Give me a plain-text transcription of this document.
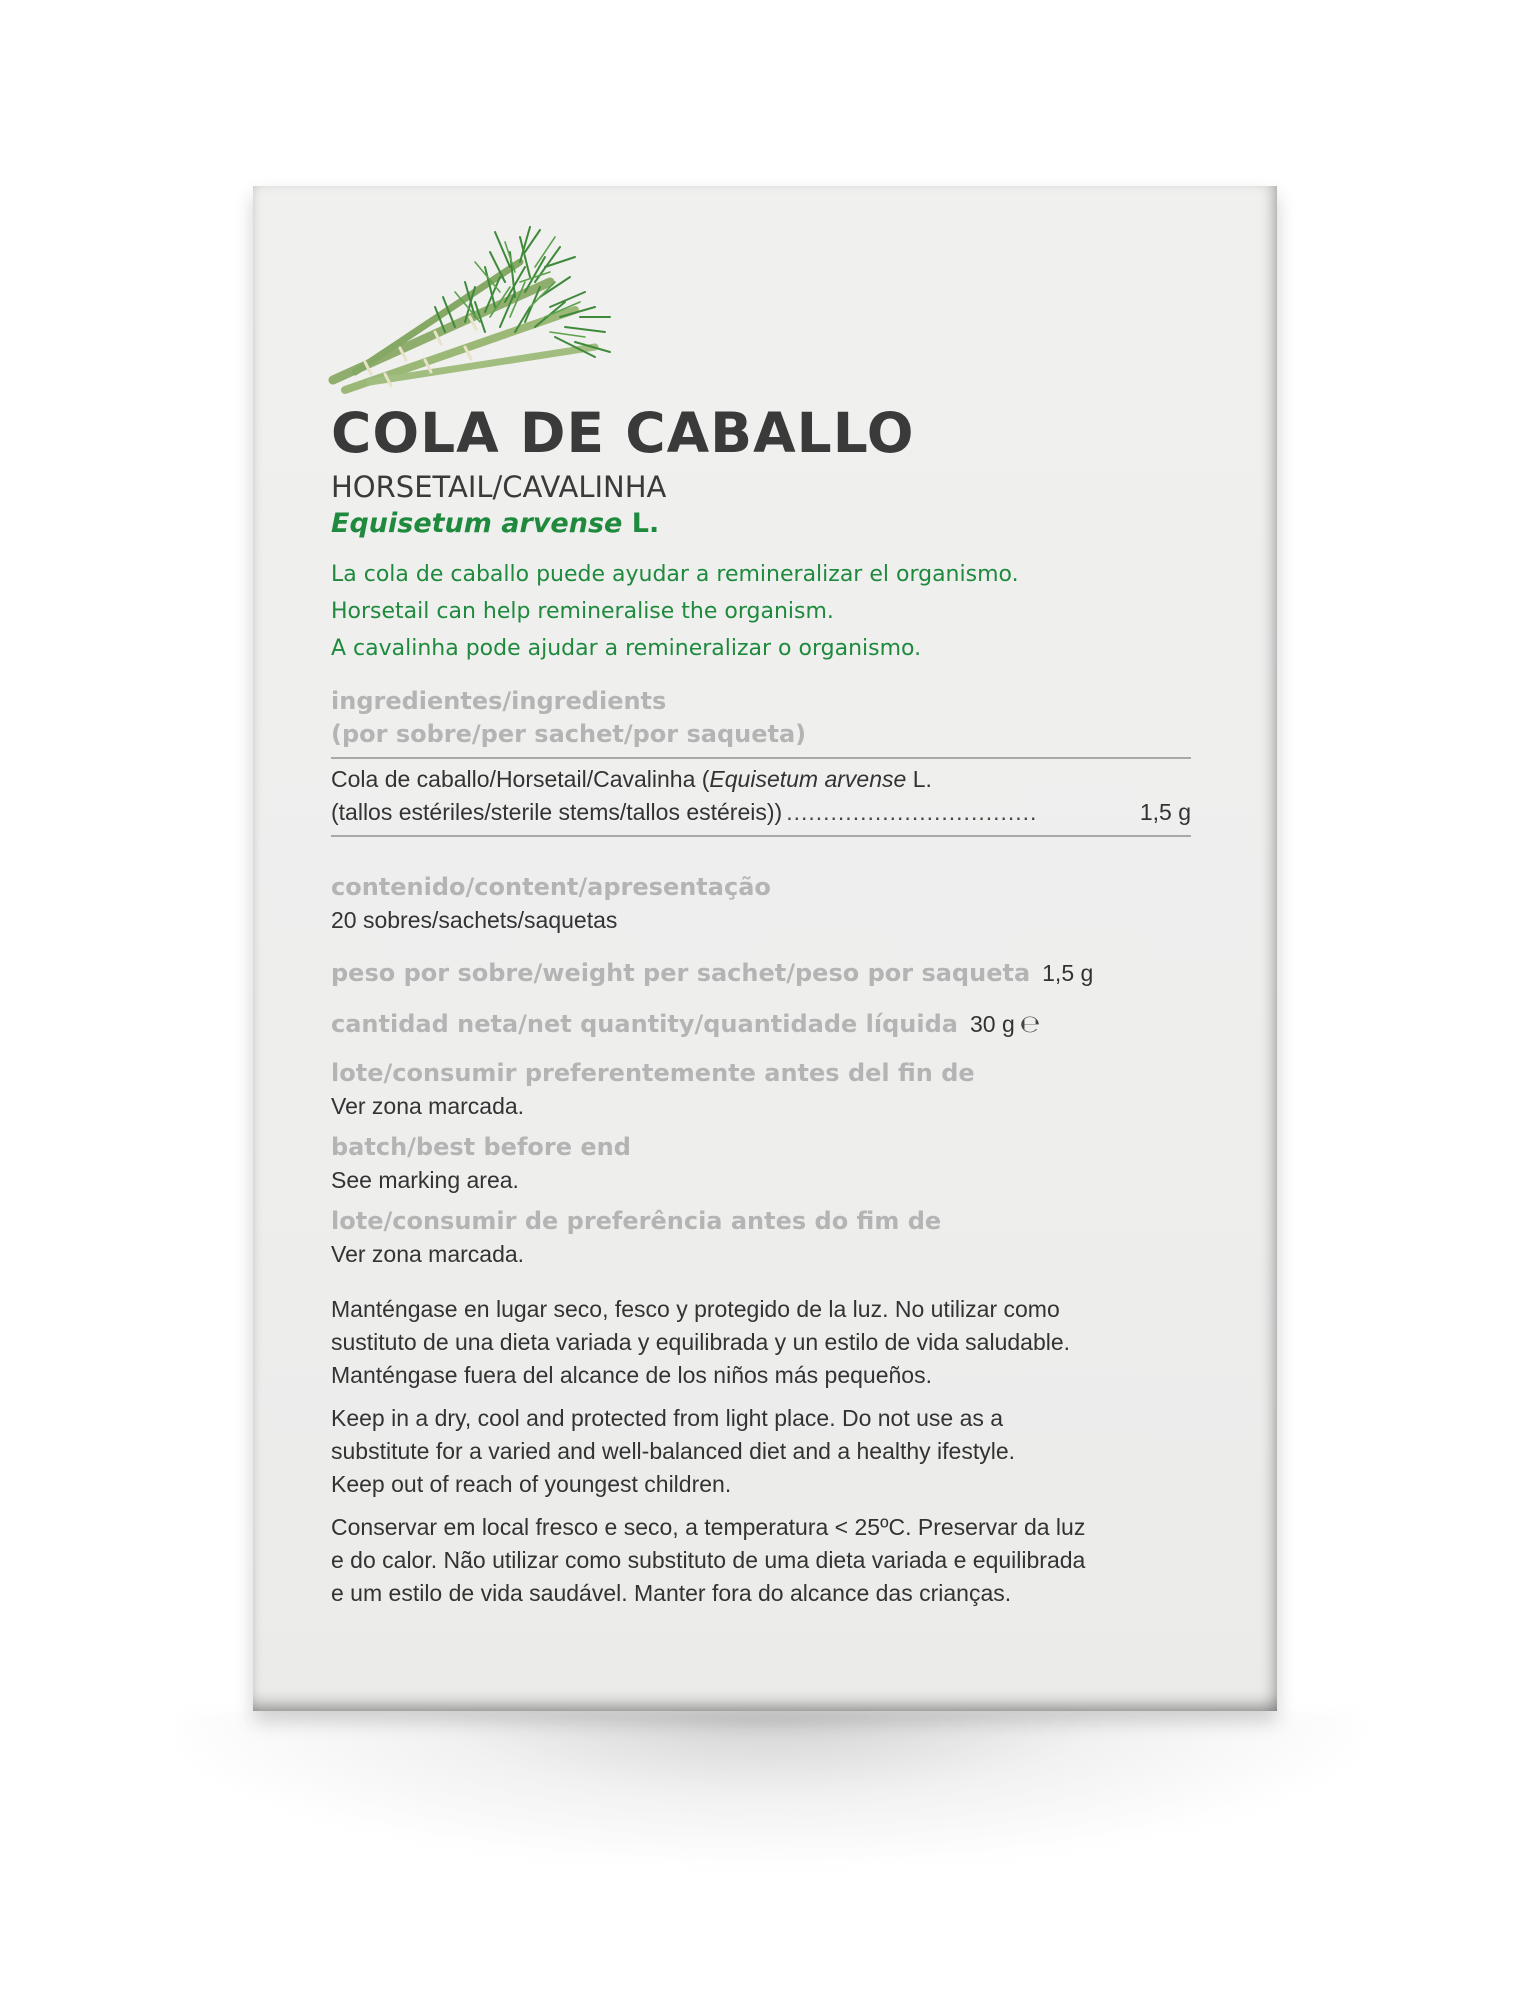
COLA DE CABALLO
HORSETAIL/CAVALINHA
Equisetum arvense L.
La cola de caballo puede ayudar a remineralizar el organismo.
Horsetail can help remineralise the organism.
A cavalinha pode ajudar a remineralizar o organismo.
ingredientes/ingredients
(por sobre/per sachet/por saqueta)
Cola de caballo/Horsetail/Cavalinha (Equisetum arvense L.
(tallos estériles/sterile stems/tallos estéreis)) ..................................	1,5 g
contenido/content/apresentação
20 sobres/sachets/saquetas
peso por sobre/weight per sachet/peso por saqueta 1,5 g
cantidad neta/net quantity/quantidade líquida 30 g ℮
lote/consumir preferentemente antes del fin de
Ver zona marcada.
batch/best before end
See marking area.
lote/consumir de preferência antes do fim de
Ver zona marcada.
Manténgase en lugar seco, fesco y protegido de la luz. No utilizar como
sustituto de una dieta variada y equilibrada y un estilo de vida saludable.
Manténgase fuera del alcance de los niños más pequeños.
Keep in a dry, cool and protected from light place. Do not use as a
substitute for a varied and well-balanced diet and a healthy ifestyle.
Keep out of reach of youngest children.
Conservar em local fresco e seco, a temperatura < 25ºC. Preservar da luz
e do calor. Não utilizar como substituto de uma dieta variada e equilibrada
e um estilo de vida saudável. Manter fora do alcance das crianças.
